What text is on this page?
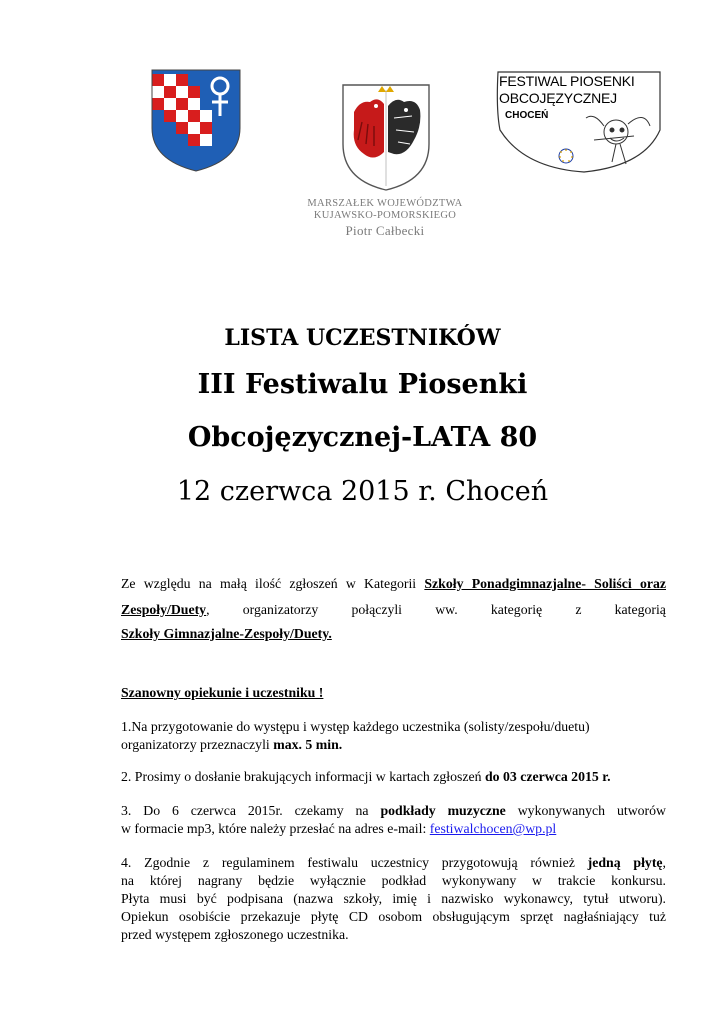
MARSZAŁEK WOJEWÓDZTWA
KUJAWSKO-POMORSKIEGO
Piotr Całbecki
FESTIWAL PIOSENKI
OBCOJĘZYCZNEJ
CHOCEŃ
LISTA UCZESTNIKÓW
III Festiwalu Piosenki
Obcojęzycznej-LATA 80
12 czerwca 2015 r. Choceń
Ze względu na małą ilość zgłoszeń w Kategorii Szkoły Ponadgimnazjalne- Soliści oraz
Zespoły/Duety, organizatorzy połączyli ww. kategorię z kategorią
Szkoły Gimnazjalne-Zespoły/Duety.
Szanowny opiekunie i uczestniku !
1.Na przygotowanie do występu i występ każdego uczestnika (solisty/zespołu/duetu)
organizatorzy przeznaczyli max. 5 min.
2. Prosimy o dosłanie brakujących informacji w kartach zgłoszeń do 03 czerwca 2015 r.
3. Do 6 czerwca 2015r. czekamy na podkłady muzyczne wykonywanych utworów
w formacie mp3, które należy przesłać na adres e-mail: festiwalchocen@wp.pl
4. Zgodnie z regulaminem festiwalu uczestnicy przygotowują również jedną płytę,
na której nagrany będzie wyłącznie podkład wykonywany w trakcie konkursu.
Płyta musi być podpisana (nazwa szkoły, imię i nazwisko wykonawcy, tytuł utworu).
Opiekun osobiście przekazuje płytę CD osobom obsługującym sprzęt nagłaśniający tuż
przed występem zgłoszonego uczestnika.
